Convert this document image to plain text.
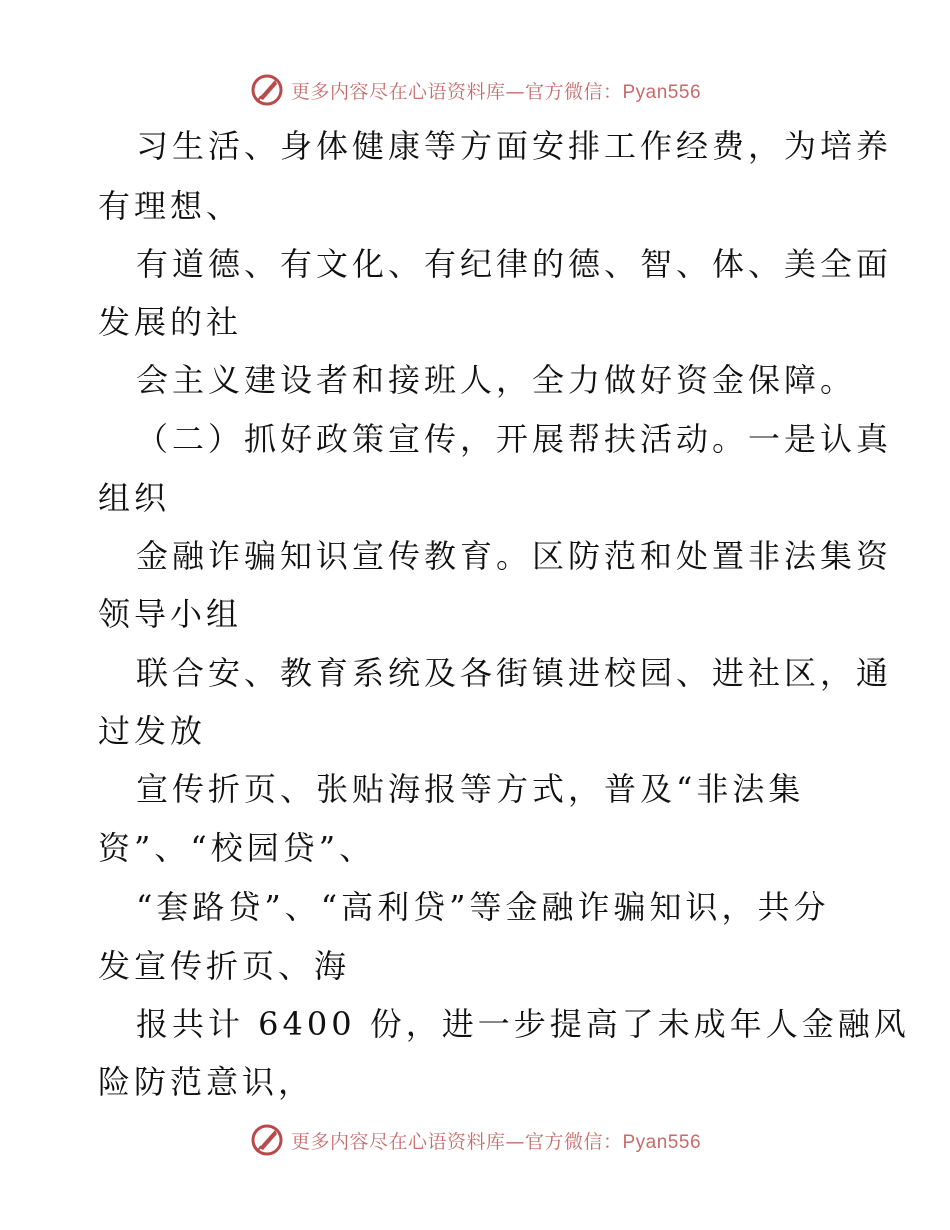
更多内容尽在心语资料库—官方微信：Pyan556
习生活、身体健康等方面安排工作经费，为培养
有理想、
有道德、有文化、有纪律的德、智、体、美全面
发展的社
会主义建设者和接班人，全力做好资金保障。
（二）抓好政策宣传，开展帮扶活动。一是认真
组织
金融诈骗知识宣传教育。区防范和处置非法集资
领导小组
联合安、教育系统及各街镇进校园、进社区，通
过发放
宣传折页、张贴海报等方式，普及“非法集
资”、“校园贷”、
“套路贷”、“高利贷”等金融诈骗知识，共分
发宣传折页、海
报共计 6400 份，进一步提高了未成年人金融风
险防范意识，
更多内容尽在心语资料库—官方微信：Pyan556
